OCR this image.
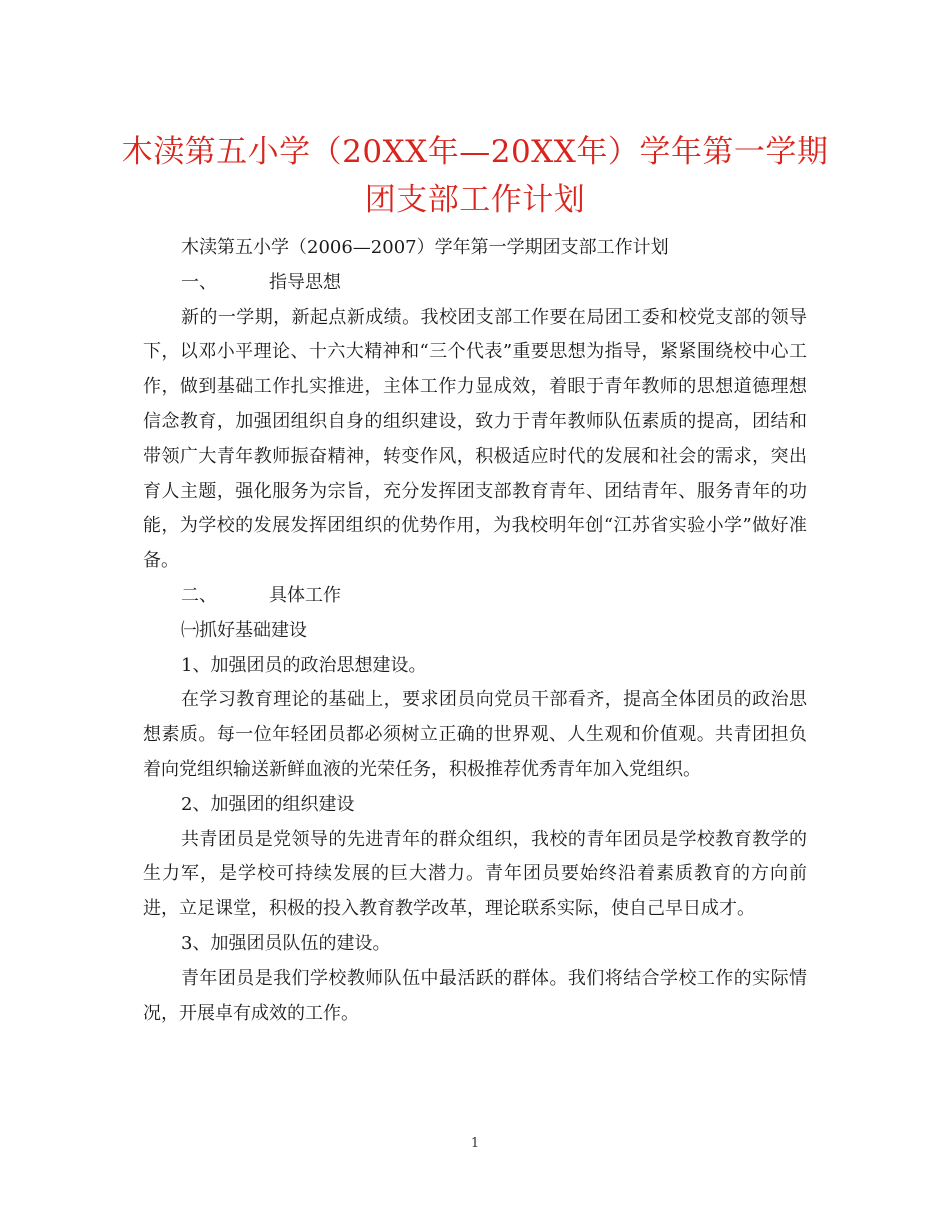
木渎第五小学（20XX年—20XX年）学年第一学期团支部工作计划

木渎第五小学（2006—2007）学年第一学期团支部工作计划

一、	指导思想

新的一学期，新起点新成绩。我校团支部工作要在局团工委和校党支部的领导下，以邓小平理论、十六大精神和“三个代表”重要思想为指导，紧紧围绕校中心工作，做到基础工作扎实推进，主体工作力显成效，着眼于青年教师的思想道德理想信念教育，加强团组织自身的组织建设，致力于青年教师队伍素质的提高，团结和带领广大青年教师振奋精神，转变作风，积极适应时代的发展和社会的需求，突出育人主题，强化服务为宗旨，充分发挥团支部教育青年、团结青年、服务青年的功能，为学校的发展发挥团组织的优势作用，为我校明年创“江苏省实验小学”做好准备。

二、	具体工作

㈠抓好基础建设

1、加强团员的政治思想建设。

在学习教育理论的基础上，要求团员向党员干部看齐，提高全体团员的政治思想素质。每一位年轻团员都必须树立正确的世界观、人生观和价值观。共青团担负着向党组织输送新鲜血液的光荣任务，积极推荐优秀青年加入党组织。

2、加强团的组织建设

共青团员是党领导的先进青年的群众组织，我校的青年团员是学校教育教学的生力军，是学校可持续发展的巨大潜力。青年团员要始终沿着素质教育的方向前进，立足课堂，积极的投入教育教学改革，理论联系实际，使自己早日成才。

3、加强团员队伍的建设。

青年团员是我们学校教师队伍中最活跃的群体。我们将结合学校工作的实际情况，开展卓有成效的工作。

1
